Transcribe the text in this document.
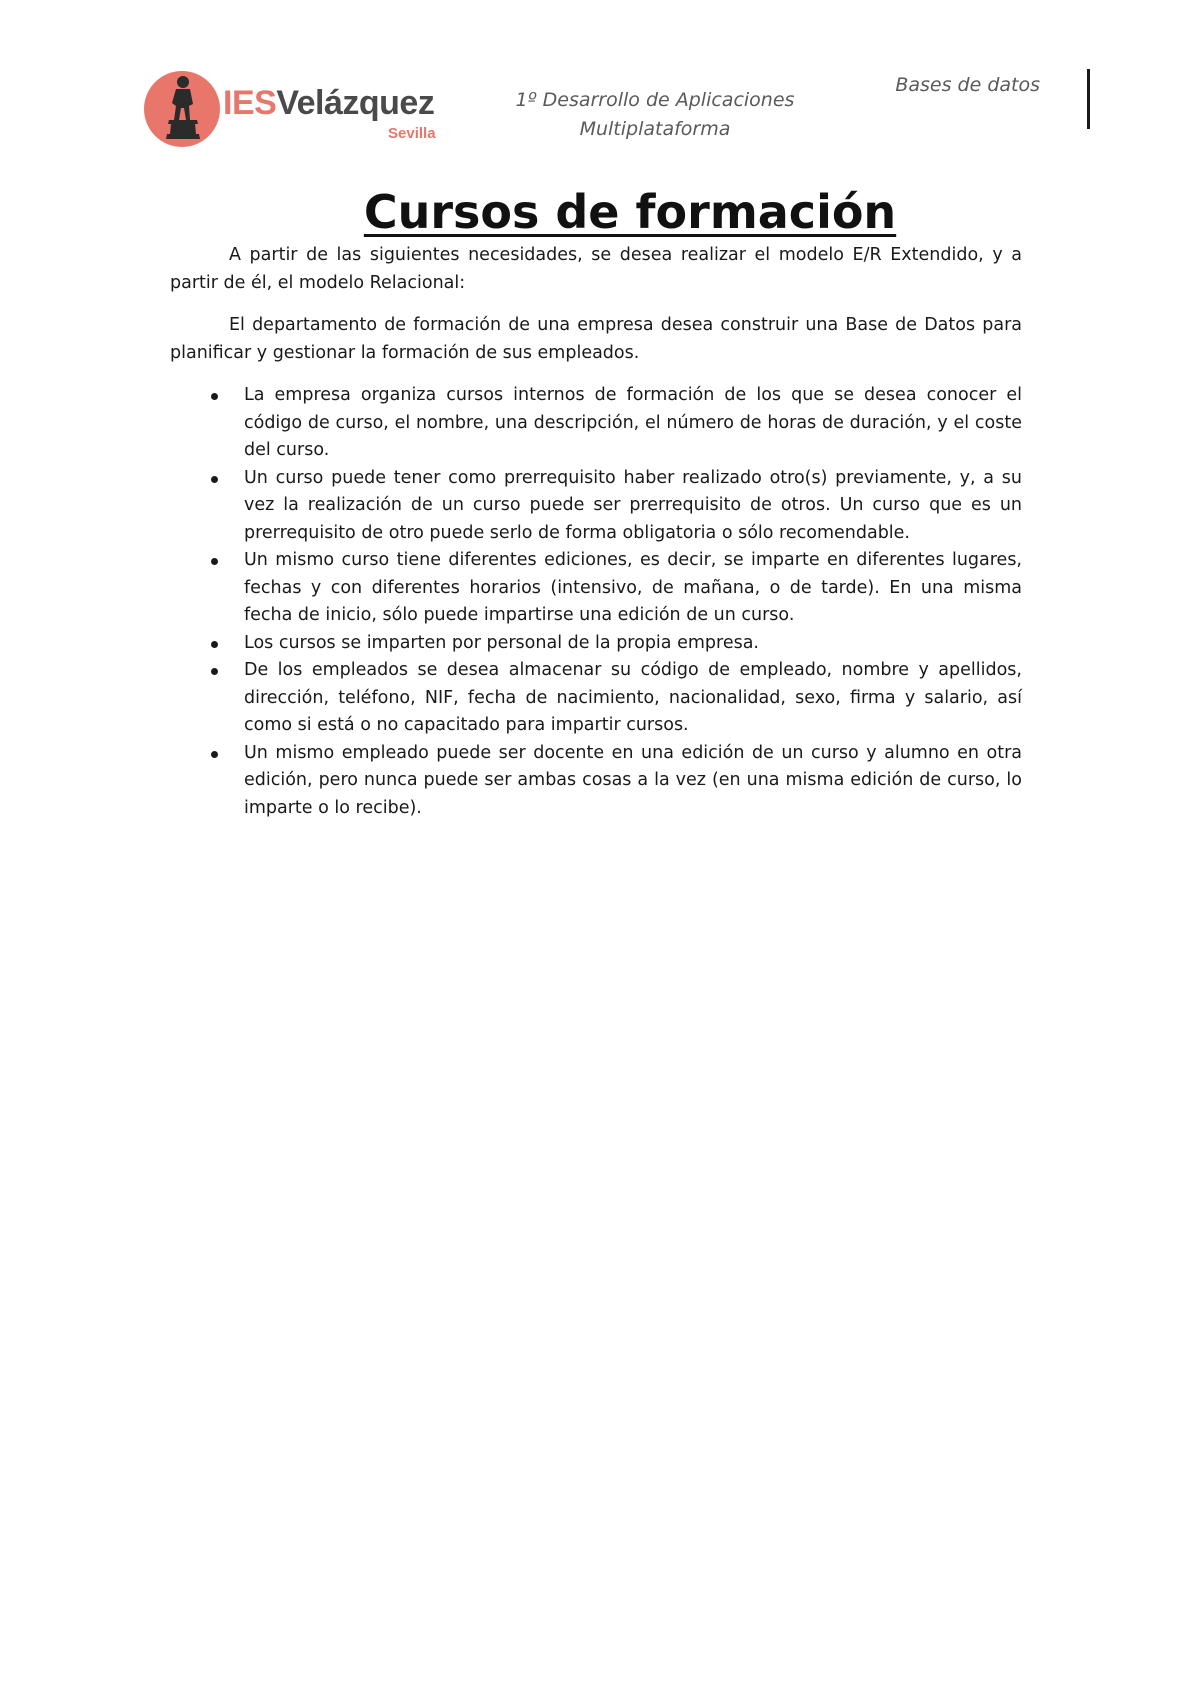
IESVelázquez
Sevilla
1º Desarrollo de Aplicaciones
Multiplataforma
Bases de datos
Cursos de formación

A partir de las siguientes necesidades, se desea realizar el modelo E/R Extendido, y a partir de él, el modelo Relacional:

El departamento de formación de una empresa desea construir una Base de Datos para planificar y gestionar la formación de sus empleados.

La empresa organiza cursos internos de formación de los que se desea conocer el código de curso, el nombre, una descripción, el número de horas de duración, y el coste del curso.
Un curso puede tener como prerrequisito haber realizado otro(s) previamente, y, a su vez la realización de un curso puede ser prerrequisito de otros. Un curso que es un prerrequisito de otro puede serlo de forma obligatoria o sólo recomendable.
Un mismo curso tiene diferentes ediciones, es decir, se imparte en diferentes lugares, fechas y con diferentes horarios (intensivo, de mañana, o de tarde). En una misma fecha de inicio, sólo puede impartirse una edición de un curso.
Los cursos se imparten por personal de la propia empresa.
De los empleados se desea almacenar su código de empleado, nombre y apellidos, dirección, teléfono, NIF, fecha de nacimiento, nacionalidad, sexo, firma y salario, así como si está o no capacitado para impartir cursos.
Un mismo empleado puede ser docente en una edición de un curso y alumno en otra edición, pero nunca puede ser ambas cosas a la vez (en una misma edición de curso, lo imparte o lo recibe).
